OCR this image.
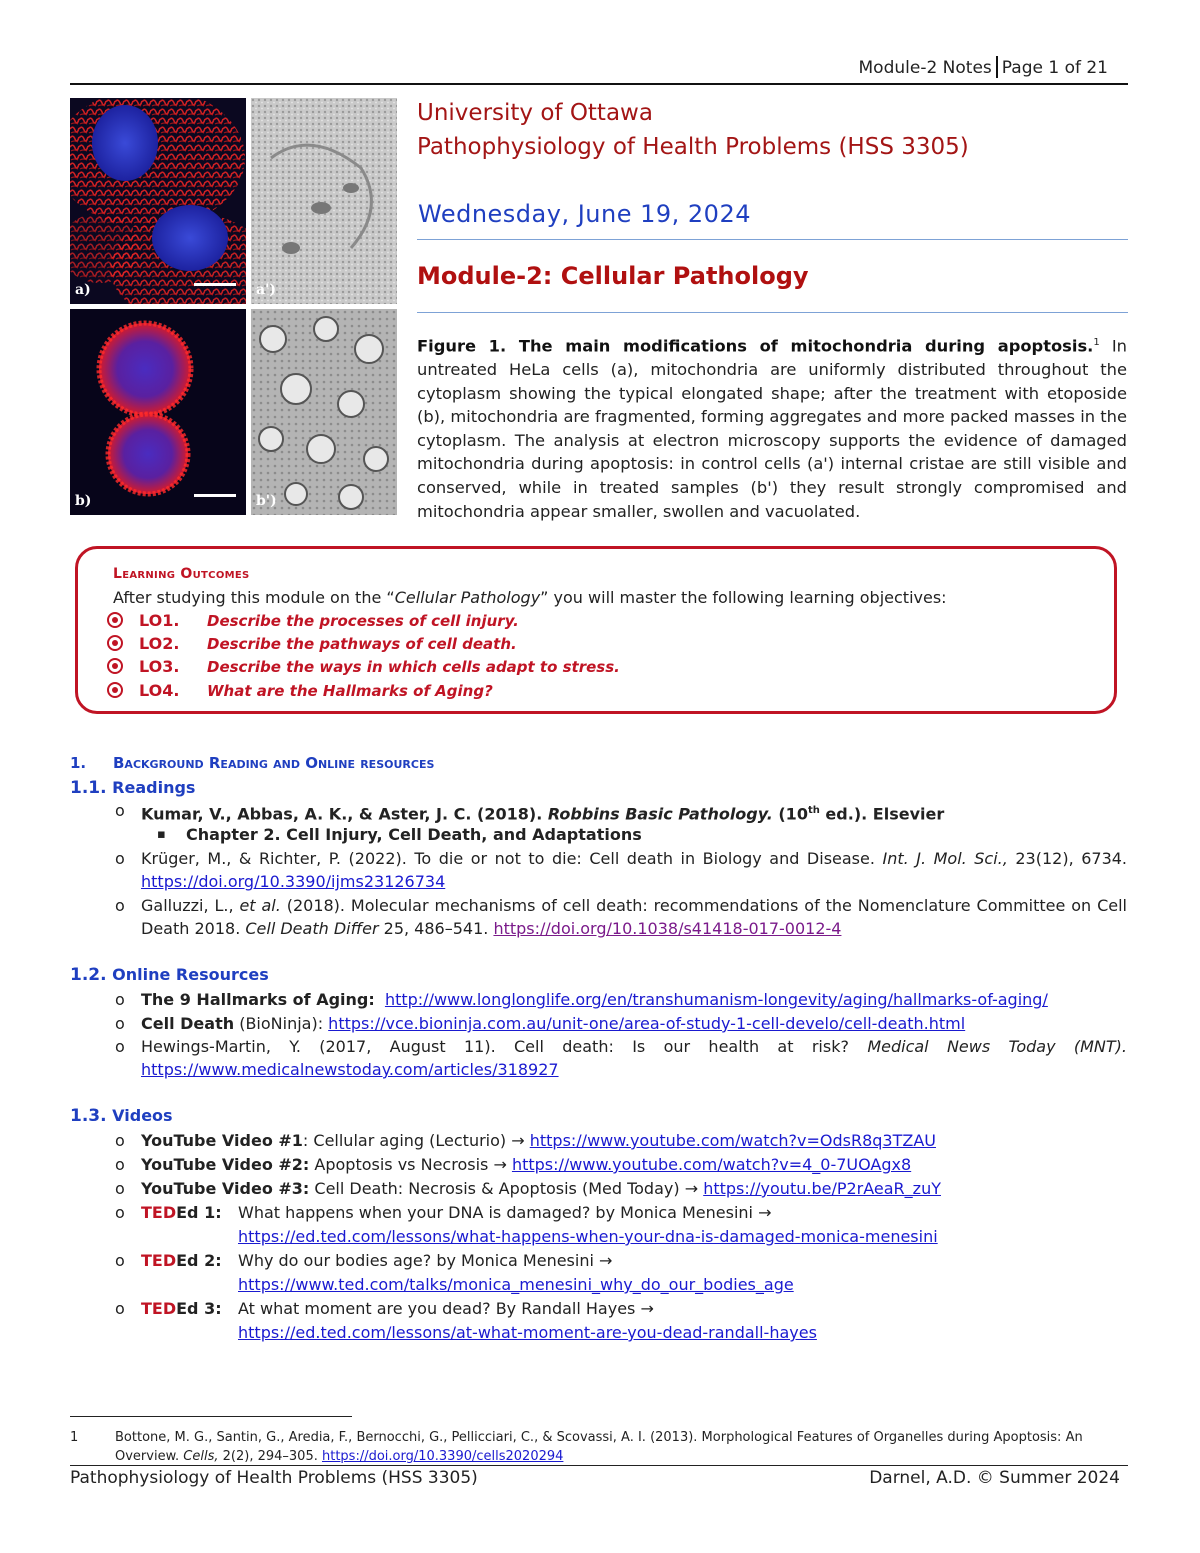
Module-2 Notes Page 1 of 21
a)	a')
b)	b')
University of Ottawa
Pathophysiology of Health Problems (HSS 3305)
Wednesday, June 19, 2024
Module-2: Cellular Pathology
Figure 1. The main modifications of mitochondria during apoptosis.$^1$ In untreated HeLa cells (a), mitochondria are uniformly distributed throughout the cytoplasm showing the typical elongated shape; after the treatment with etoposide (b), mitochondria are fragmented, forming aggregates and more packed masses in the cytoplasm. The analysis at electron microscopy supports the evidence of damaged mitochondria during apoptosis: in control cells (a') internal cristae are still visible and conserved, while in treated samples (b') they result strongly compromised and mitochondria appear smaller, swollen and vacuolated.
Learning Outcomes
After studying this module on the “Cellular Pathology” you will master the following learning objectives:
LO1. Describe the processes of cell injury.
LO2. Describe the pathways of cell death.
LO3. Describe the ways in which cells adapt to stress.
LO4. What are the Hallmarks of Aging?
1. Background Reading and Online resources
1.1. Readings
o Kumar, V., Abbas, A. K., & Aster, J. C. (2018). Robbins Basic Pathology. (10th ed.). Elsevier
▪ Chapter 2. Cell Injury, Cell Death, and Adaptations
o Krüger, M., & Richter, P. (2022). To die or not to die: Cell death in Biology and Disease. Int. J. Mol. Sci., 23(12), 6734. https://doi.org/10.3390/ijms23126734
o Galluzzi, L., et al. (2018). Molecular mechanisms of cell death: recommendations of the Nomenclature Committee on Cell Death 2018. Cell Death Differ 25, 486–541. https://doi.org/10.1038/s41418-017-0012-4
1.2. Online Resources
o The 9 Hallmarks of Aging: http://www.longlonglife.org/en/transhumanism-longevity/aging/hallmarks-of-aging/
o Cell Death (BioNinja): https://vce.bioninja.com.au/unit-one/area-of-study-1-cell-develo/cell-death.html
o Hewings-Martin, Y. (2017, August 11). Cell death: Is our health at risk? Medical News Today (MNT). https://www.medicalnewstoday.com/articles/318927
1.3. Videos
o YouTube Video #1: Cellular aging (Lecturio) → https://www.youtube.com/watch?v=OdsR8q3TZAU
o YouTube Video #2: Apoptosis vs Necrosis → https://www.youtube.com/watch?v=4_0-7UOAgx8
o YouTube Video #3: Cell Death: Necrosis & Apoptosis (Med Today) → https://youtu.be/P2rAeaR_zuY
o TEDEd 1: What happens when your DNA is damaged? by Monica Menesini →
https://ed.ted.com/lessons/what-happens-when-your-dna-is-damaged-monica-menesini
o TEDEd 2: Why do our bodies age? by Monica Menesini →
https://www.ted.com/talks/monica_menesini_why_do_our_bodies_age
o TEDEd 3: At what moment are you dead? By Randall Hayes →
https://ed.ted.com/lessons/at-what-moment-are-you-dead-randall-hayes
1	Bottone, M. G., Santin, G., Aredia, F., Bernocchi, G., Pellicciari, C., & Scovassi, A. I. (2013). Morphological Features of Organelles during Apoptosis: An Overview. Cells, 2(2), 294–305. https://doi.org/10.3390/cells2020294
Pathophysiology of Health Problems (HSS 3305)	Darnel, A.D. © Summer 2024
